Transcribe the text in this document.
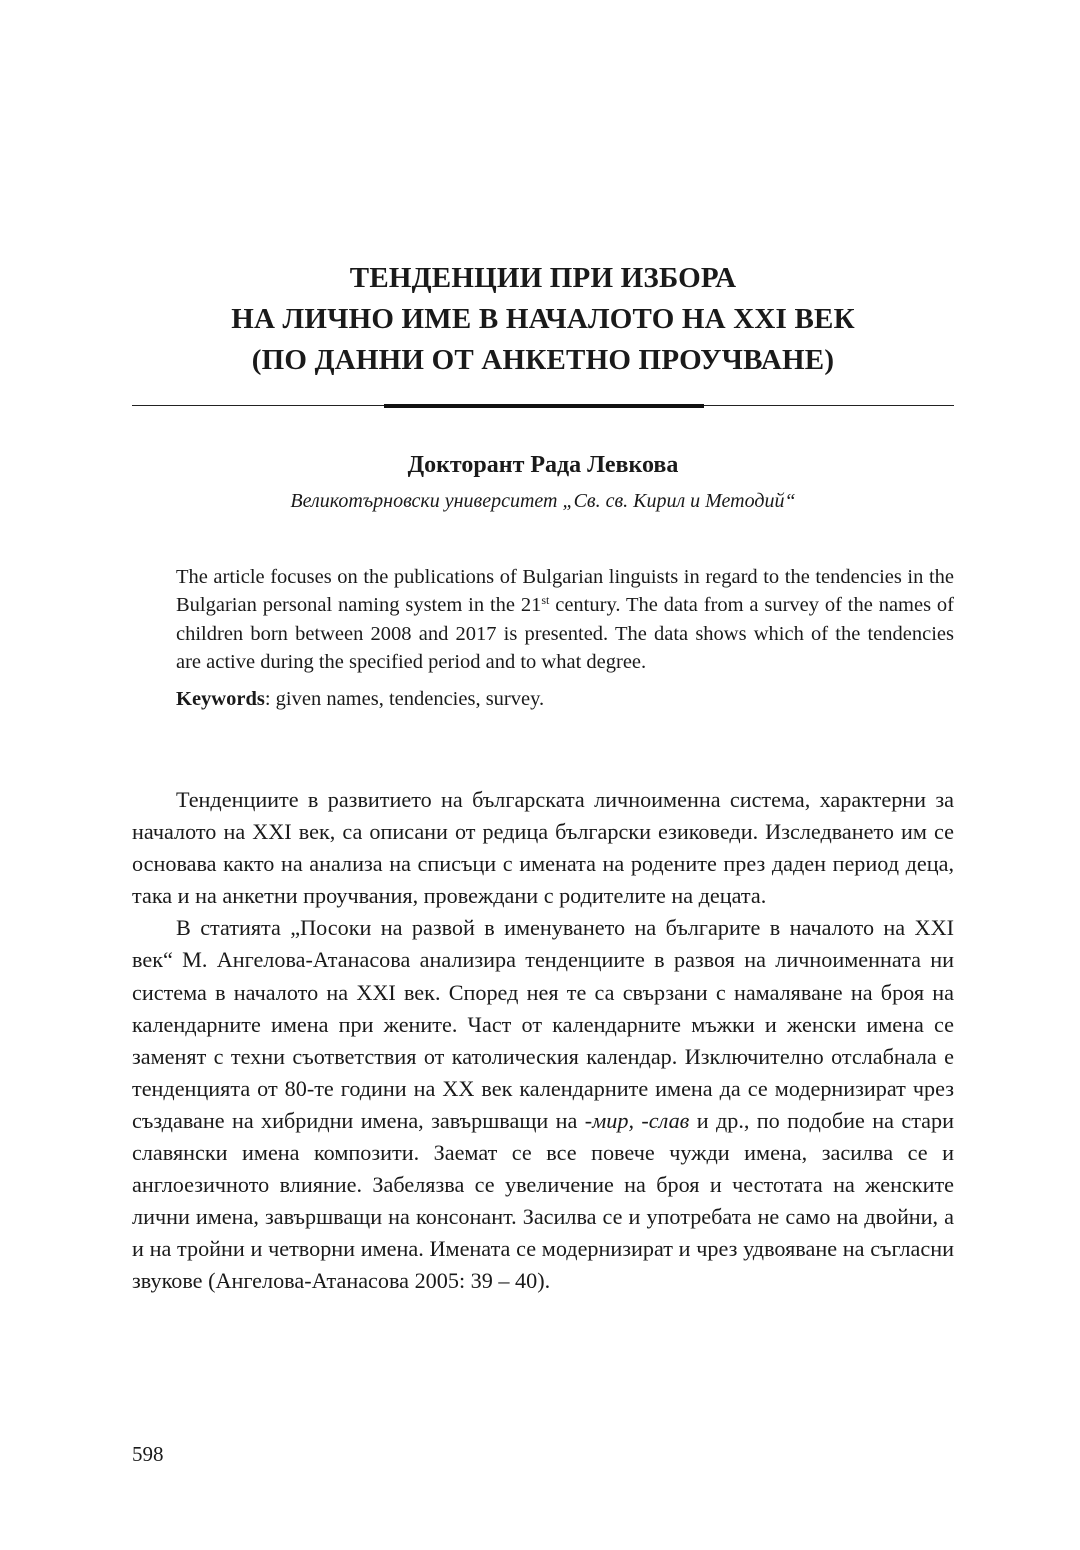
ТЕНДЕНЦИИ ПРИ ИЗБОРА
НА ЛИЧНО ИМЕ В НАЧАЛОТО НА XXI ВЕК
(ПО ДАННИ ОТ АНКЕТНО ПРОУЧВАНЕ)
Докторант Рада Левкова
Великотърновски университет „Св. св. Кирил и Методий“

The article focuses on the publications of Bulgarian linguists in regard to the tendencies in the Bulgarian personal naming system in the 21st century. The data from a survey of the names of children born between 2008 and 2017 is presented. The data shows which of the tendencies are active during the specified period and to what degree.

Keywords: given names, tendencies, survey.

Тенденциите в развитието на българската личноименна система, характерни за началото на XXI век, са описани от редица български езиковеди. Изследването им се основава както на анализа на списъци с имената на родените през даден период деца, така и на анкетни проучвания, провеждани с родителите на децата.

В статията „Посоки на развой в именуването на българите в началото на XXI век“ М. Ангелова-Атанасова анализира тенденциите в развоя на личноименната ни система в началото на XXI век. Според нея те са свързани с намаляване на броя на календарните имена при жените. Част от календарните мъжки и женски имена се заменят с техни съответствия от католическия календар. Изключително отслабнала е тенденцията от 80-те години на XX век календарните имена да се модернизират чрез създаване на хибридни имена, завършващи на -мир, -слав и др., по подобие на стари славянски имена композити. Заемат се все повече чужди имена, засилва се и англоезичното влияние. Забелязва се увеличение на броя и честотата на женските лични имена, завършващи на консонант. Засилва се и употребата не само на двойни, а и на тройни и четворни имена. Имената се модернизират и чрез удвояване на съгласни звукове (Ангелова-Атанасова 2005: 39 – 40).

598
